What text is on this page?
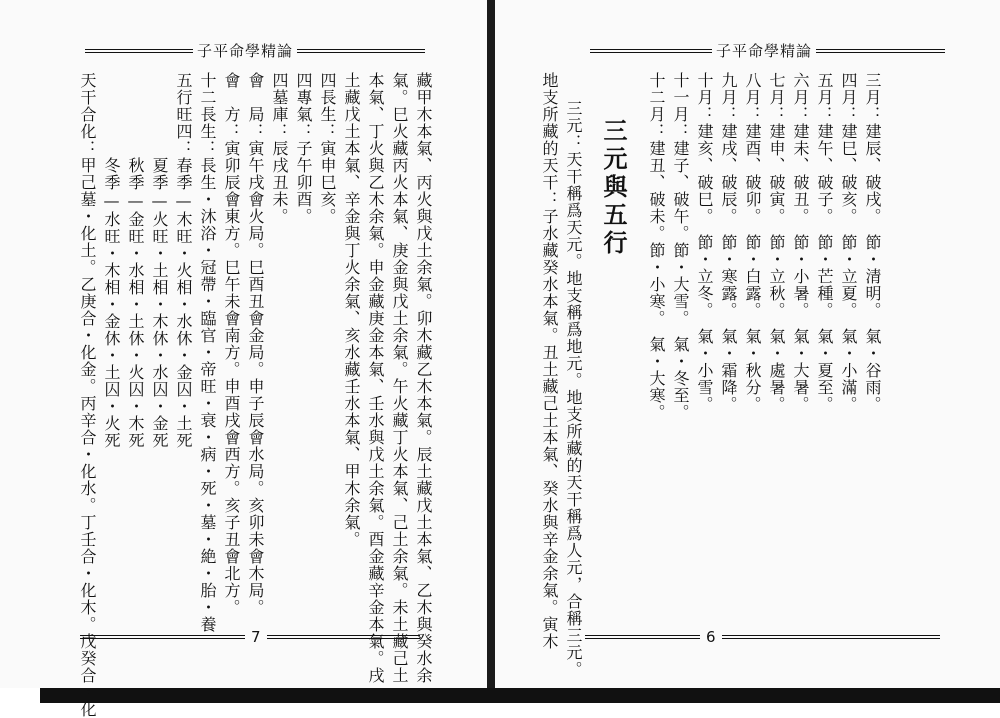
子平命學精論
藏甲木本氣、丙火與戊土余氣。卯木藏乙木本氣。辰土藏戊土本氣、乙木與癸水余
氣。巳火藏丙火本氣、庚金與戊土余氣。午火藏丁火本氣、己土余氣。未土藏己土
本氣、丁火與乙木余氣。申金藏庚金本氣、壬水與戊土余氣。酉金藏辛金本氣。戌
土藏戊土本氣、辛金與丁火余氣、亥水藏壬水本氣、甲木余氣。
四長生：寅申巳亥。
四專氣：子午卯酉。
四墓庫：辰戌丑未。
會　局：寅午戌會火局。巳酉丑會金局。申子辰會水局。亥卯未會木局。
會　方：寅卯辰會東方。巳午未會南方。申酉戌會西方。亥子丑會北方。
十二長生：長生・沐浴・冠帶・臨官・帝旺・衰・病・死・墓・絶・胎・養
五行旺四：春季—木旺・火相・水休・金囚・土死
　　　　　夏季—火旺・土相・木休・水囚・金死
　　　　　秋季—金旺・水相・土休・火囚・木死
　　　　　冬季—水旺・木相・金休・土囚・火死
天干合化：甲己墓・化土。乙庚合・化金。丙辛合・化水。丁壬合・化木。戊癸合・化	7
子平命學精論
三月：建辰、破戌。　節・清明。　氣・谷雨。
四月：建巳、破亥。　節・立夏。　氣・小滿。
五月：建午、破子。　節・芒種。　氣・夏至。
六月：建未、破丑。　節・小暑。　氣・大暑。
七月：建申、破寅。　節・立秋。　氣・處暑。
八月：建酉、破卯。　節・白露。　氣・秋分。
九月：建戌、破辰。　節・寒露。　氣・霜降。
十月：建亥、破巳。　節・立冬。　氣・小雪。
十一月：建子、破午。節・大雪。　氣・冬至。
十二月：建丑、破未。節・小寒。　氣・大寒。
三元與五行
三元：天干稱爲天元。地支稱爲地元。地支所藏的天干稱爲人元，合稱三元。
地支所藏的天干：子水藏癸水本氣。丑土藏己土本氣、癸水與辛金余氣。寅木	6
